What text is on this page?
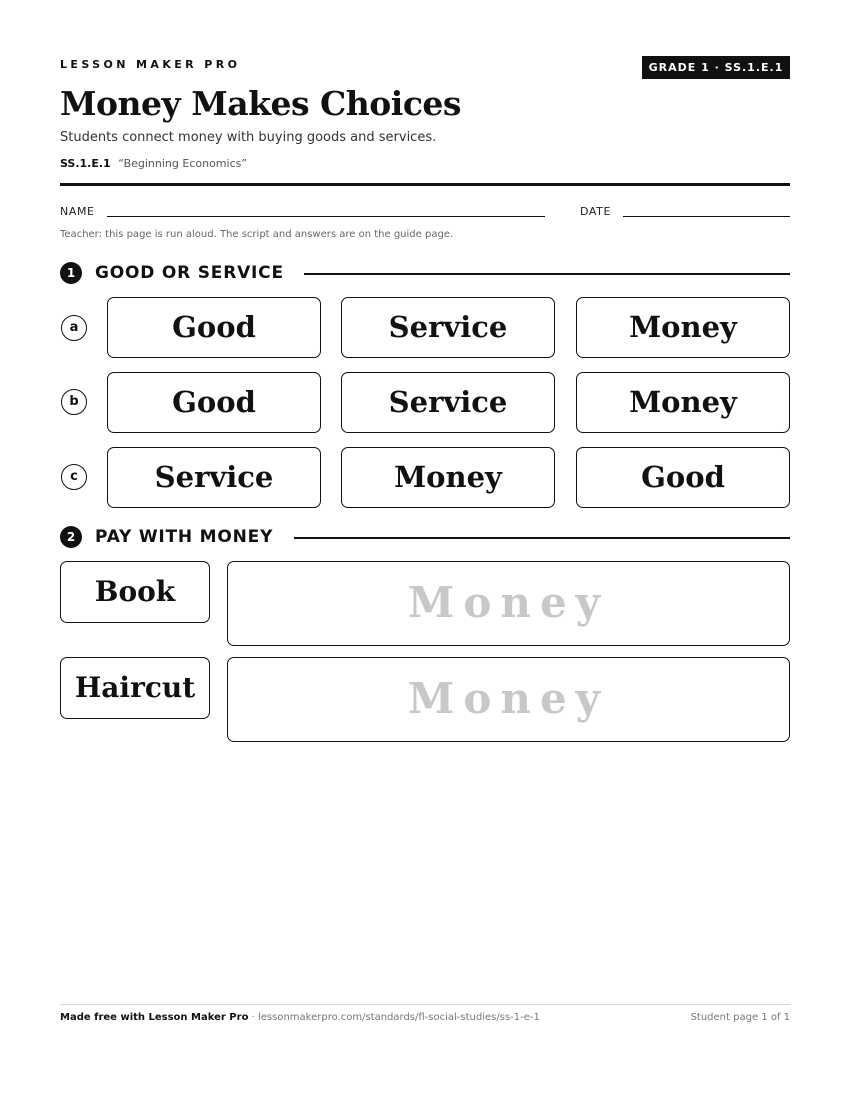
LESSON MAKER PRO	GRADE 1 · SS.1.E.1
Money Makes Choices
Students connect money with buying goods and services.
SS.1.E.1 “Beginning Economics”
NAME	DATE
Teacher: this page is run aloud. The script and answers are on the guide page.
1	GOOD OR SERVICE
a	Good	Service	Money
b	Good	Service	Money
c	Service	Money	Good
2	PAY WITH MONEY
Book	Money
Haircut	Money
Made free with Lesson Maker Pro · lessonmakerpro.com/standards/fl-social-studies/ss-1-e-1	Student page 1 of 1
